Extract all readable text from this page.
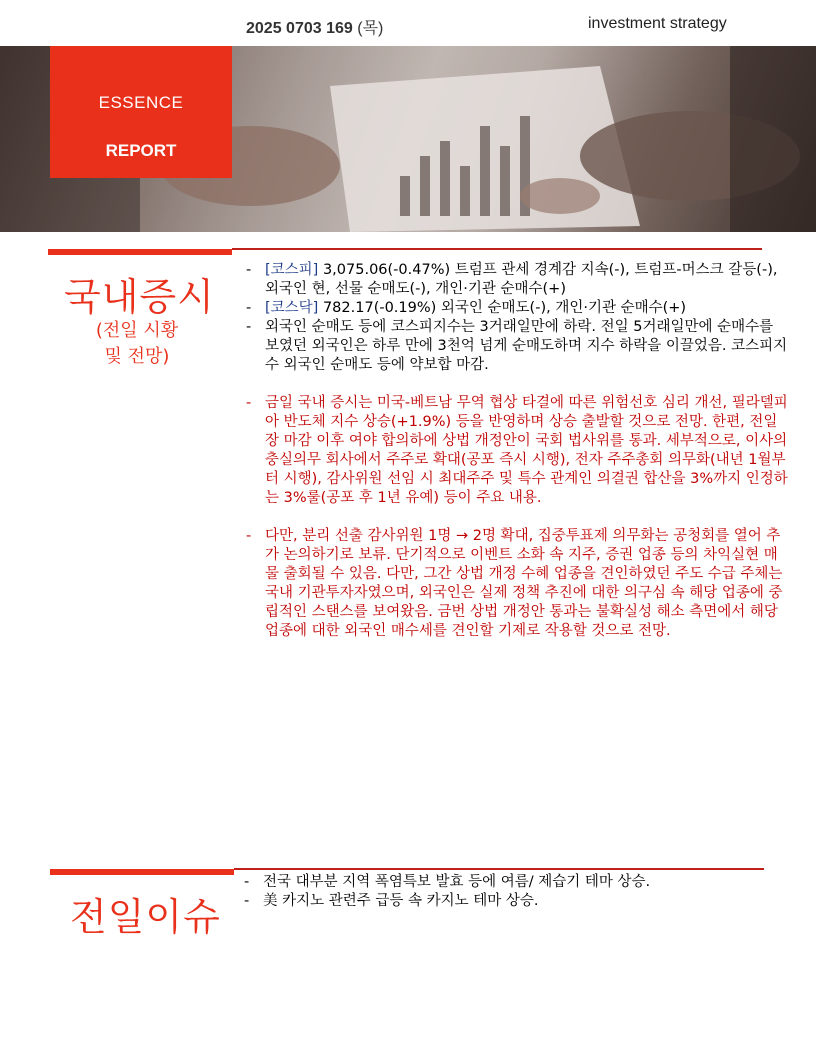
2025 0703 169 (목)	investment strategy
ESSENCE
REPORT
국내증시
(전일 시황
및 전망)

- [코스피] 3,075.06(-0.47%) 트럼프 관세 경계감 지속(-), 트럼프-머스크 갈등(-), 외국인 현, 선물 순매도(-), 개인·기관 순매수(+)

- [코스닥] 782.17(-0.19%) 외국인 순매도(-), 개인·기관 순매수(+)

- 외국인 순매도 등에 코스피지수는 3거래일만에 하락. 전일 5거래일만에 순매수를 보였던 외국인은 하루 만에 3천억 넘게 순매도하며 지수 하락을 이끌었음. 코스피지수 외국인 순매도 등에 약보합 마감.

- 금일 국내 증시는 미국-베트남 무역 협상 타결에 따른 위험선호 심리 개선, 필라델피아 반도체 지수 상승(+1.9%) 등을 반영하며 상승 출발할 것으로 전망. 한편, 전일 장 마감 이후 여야 합의하에 상법 개정안이 국회 법사위를 통과. 세부적으로, 이사의 충실의무 회사에서 주주로 확대(공포 즉시 시행), 전자 주주총회 의무화(내년 1월부터 시행), 감사위원 선임 시 최대주주 및 특수 관계인 의결권 합산을 3%까지 인정하는 3%룰(공포 후 1년 유예) 등이 주요 내용.

- 다만, 분리 선출 감사위원 1명 → 2명 확대, 집중투표제 의무화는 공청회를 열어 추가 논의하기로 보류. 단기적으로 이벤트 소화 속 지주, 증권 업종 등의 차익실현 매물 출회될 수 있음. 다만, 그간 상법 개정 수혜 업종을 견인하였던 주도 수급 주체는 국내 기관투자자였으며, 외국인은 실제 정책 추진에 대한 의구심 속 해당 업종에 중립적인 스탠스를 보여왔음. 금번 상법 개정안 통과는 불확실성 해소 측면에서 해당 업종에 대한 외국인 매수세를 견인할 기제로 작용할 것으로 전망.

전일이슈

- 전국 대부분 지역 폭염특보 발효 등에 여름/ 제습기 테마 상승.

- 美 카지노 관련주 급등 속 카지노 테마 상승.
